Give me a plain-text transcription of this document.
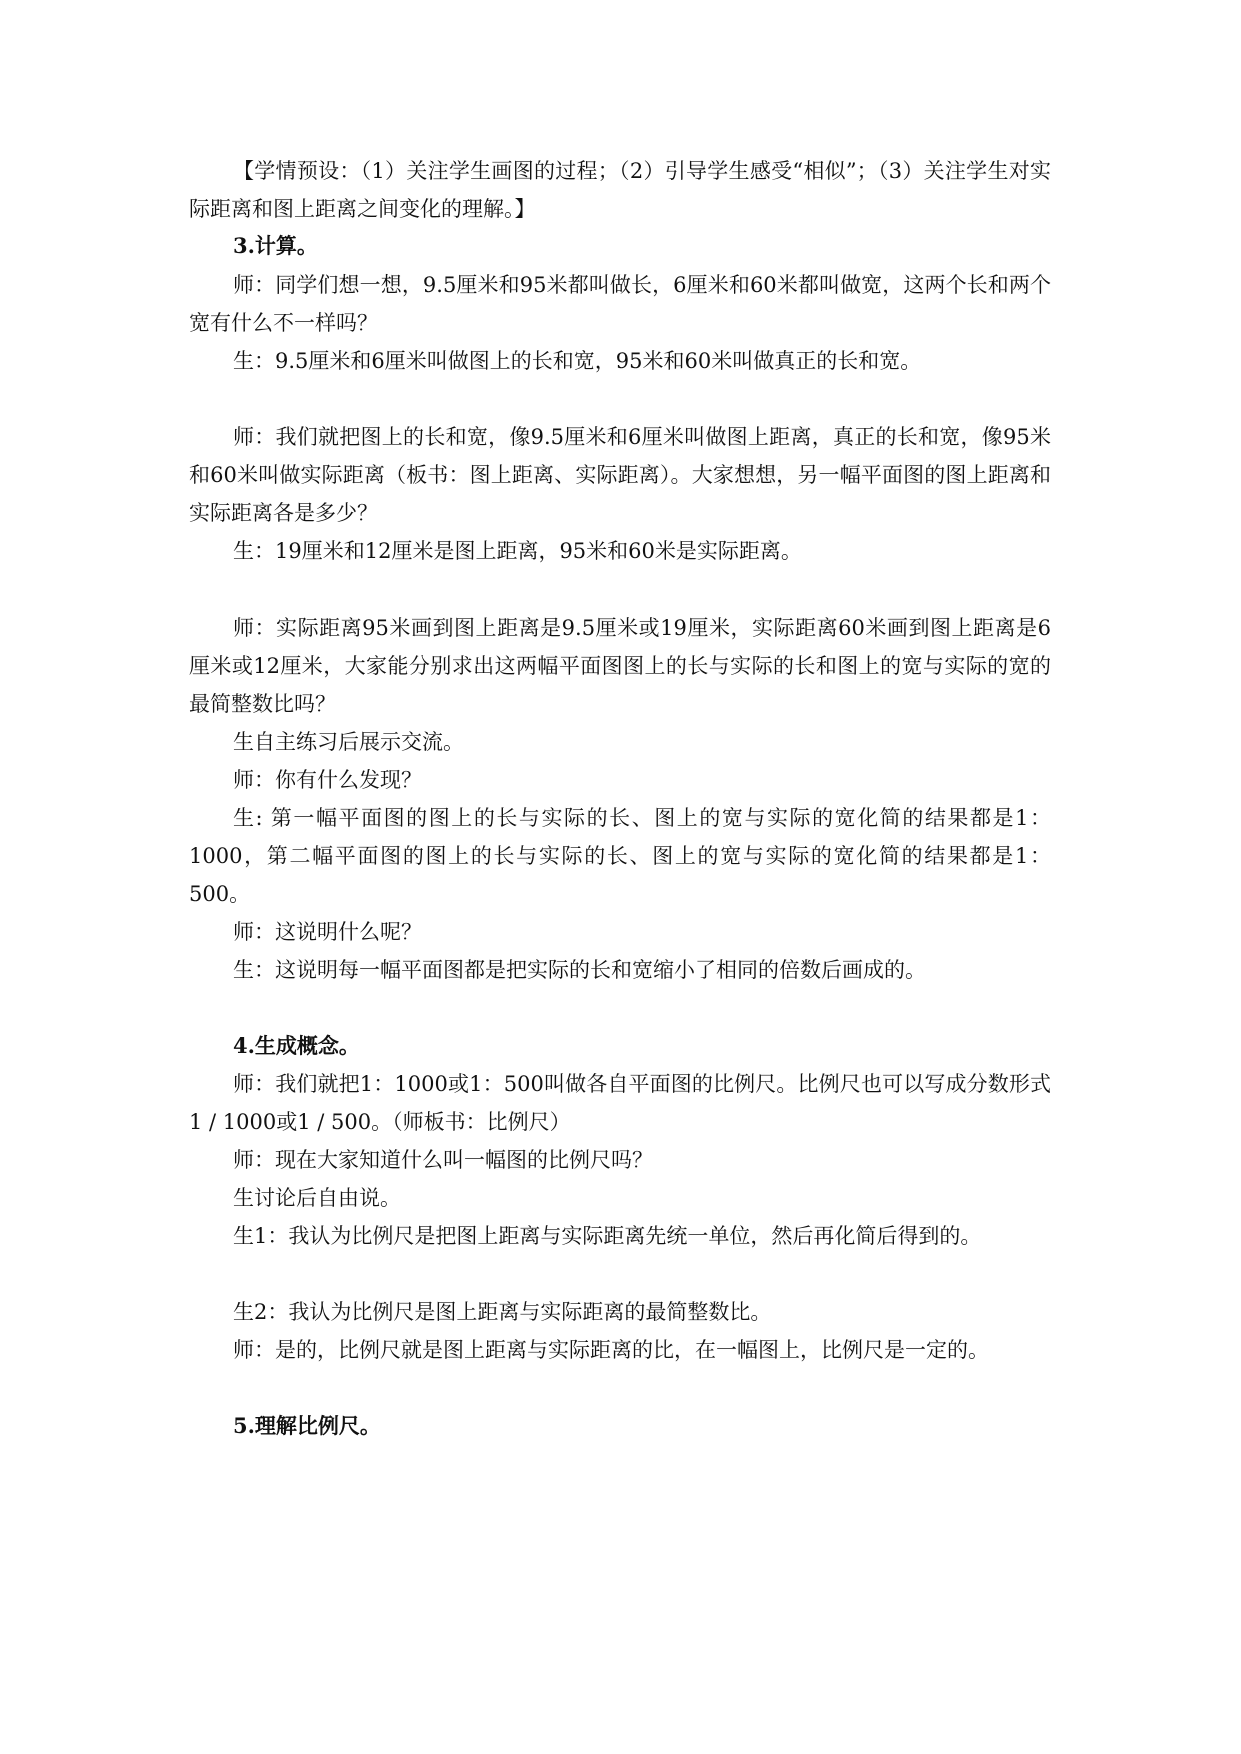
【学情预设：（1）关注学生画图的过程；（2）引导学生感受“相似”；（3）关注学生对实际距离和图上距离之间变化的理解。】

3.计算。

师：同学们想一想，9.5厘米和95米都叫做长，6厘米和60米都叫做宽，这两个长和两个宽有什么不一样吗？

生：9.5厘米和6厘米叫做图上的长和宽，95米和60米叫做真正的长和宽。

师：我们就把图上的长和宽，像9.5厘米和6厘米叫做图上距离，真正的长和宽，像95米和60米叫做实际距离（板书：图上距离、实际距离）。大家想想，另一幅平面图的图上距离和实际距离各是多少？

生：19厘米和12厘米是图上距离，95米和60米是实际距离。

师：实际距离95米画到图上距离是9.5厘米或19厘米，实际距离60米画到图上距离是6厘米或12厘米，大家能分别求出这两幅平面图图上的长与实际的长和图上的宽与实际的宽的最简整数比吗？

生自主练习后展示交流。

师：你有什么发现？

生: 第一幅平面图的图上的长与实际的长、图上的宽与实际的宽化简的结果都是1：1000，第二幅平面图的图上的长与实际的长、图上的宽与实际的宽化简的结果都是1：500。

师：这说明什么呢？

生：这说明每一幅平面图都是把实际的长和宽缩小了相同的倍数后画成的。

4.生成概念。

师：我们就把1：1000或1：500叫做各自平面图的比例尺。比例尺也可以写成分数形式1 / 1000或1 / 500。（师板书：比例尺）

师：现在大家知道什么叫一幅图的比例尺吗？

生讨论后自由说。

生1：我认为比例尺是把图上距离与实际距离先统一单位，然后再化简后得到的。

生2：我认为比例尺是图上距离与实际距离的最简整数比。

师：是的，比例尺就是图上距离与实际距离的比，在一幅图上，比例尺是一定的。

5.理解比例尺。
